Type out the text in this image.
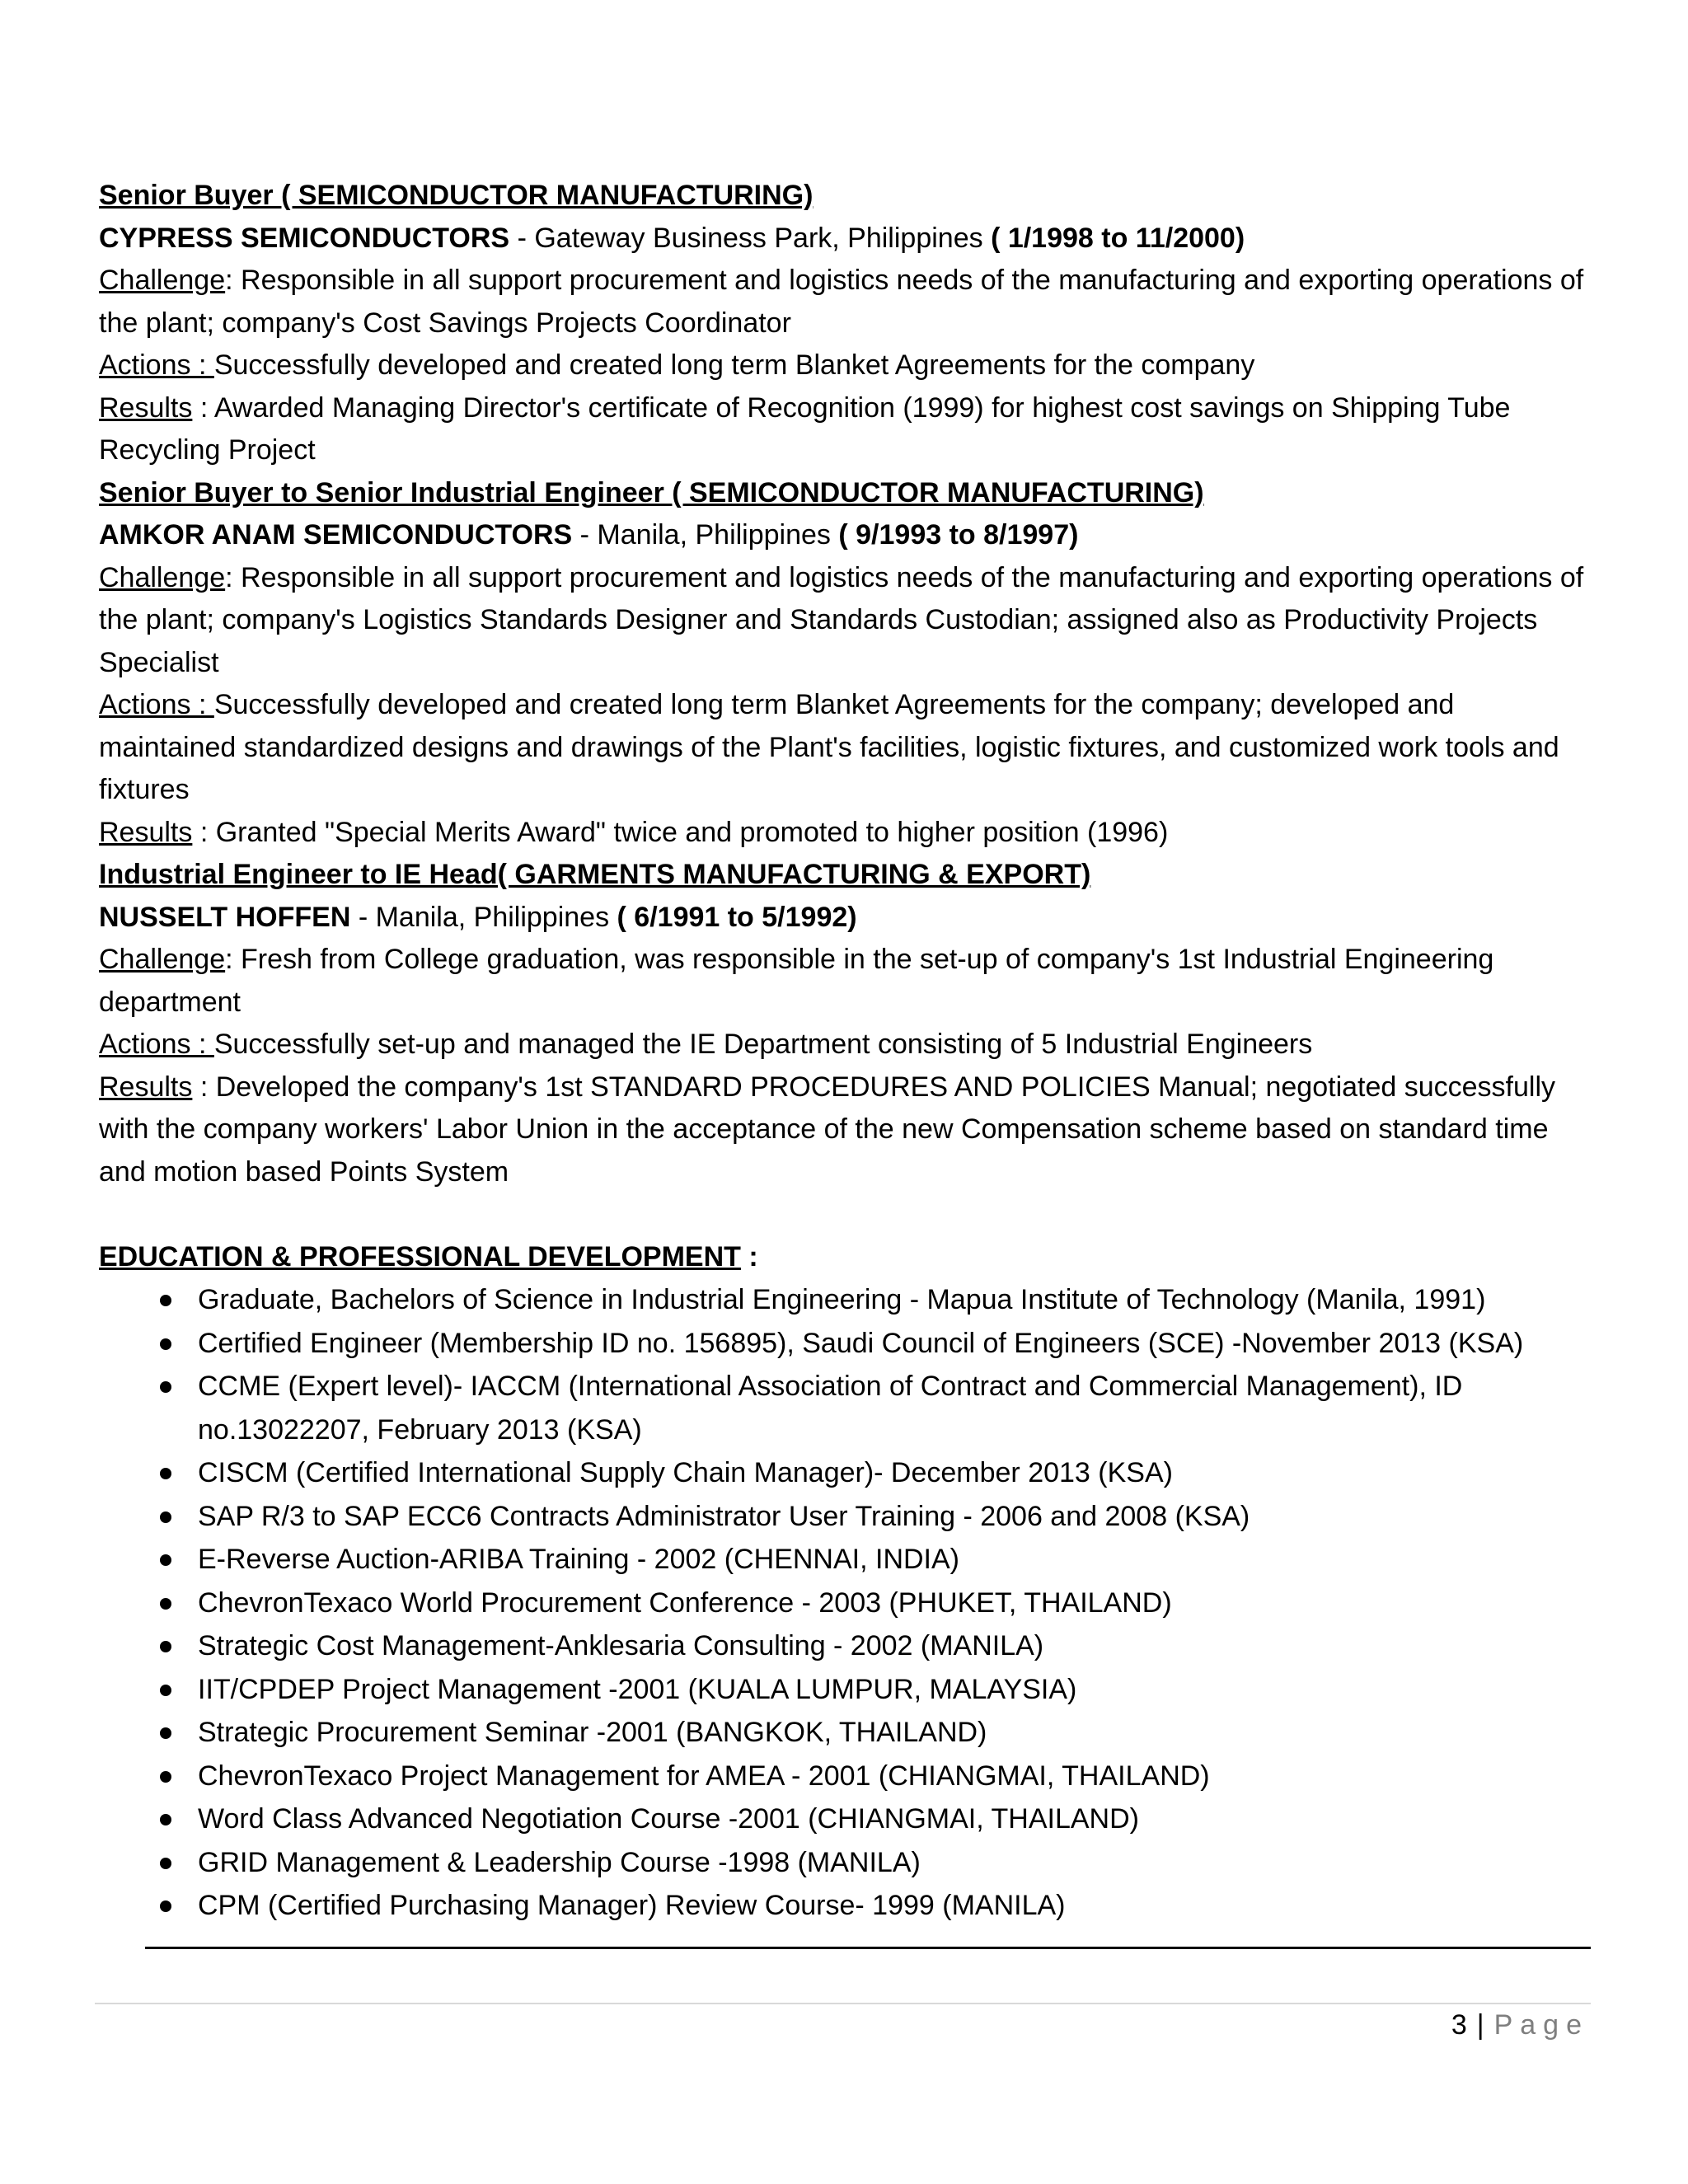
Senior Buyer ( SEMICONDUCTOR MANUFACTURING)
CYPRESS SEMICONDUCTORS - Gateway Business Park, Philippines ( 1/1998 to 11/2000)
Challenge: Responsible in all support procurement and logistics needs of the manufacturing and exporting operations of the plant; company's Cost Savings Projects Coordinator
Actions : Successfully developed and created long term Blanket Agreements for the company
Results : Awarded Managing Director's certificate of Recognition (1999) for highest cost savings on Shipping Tube Recycling Project
Senior Buyer to Senior Industrial Engineer ( SEMICONDUCTOR MANUFACTURING)
AMKOR ANAM SEMICONDUCTORS - Manila, Philippines ( 9/1993 to 8/1997)
Challenge: Responsible in all support procurement and logistics needs of the manufacturing and exporting operations of the plant; company's Logistics Standards Designer and Standards Custodian; assigned also as Productivity Projects Specialist
Actions : Successfully developed and created long term Blanket Agreements for the company; developed and maintained standardized designs and drawings of the Plant's facilities, logistic fixtures, and customized work tools and fixtures
Results : Granted "Special Merits Award" twice and promoted to higher position (1996)
Industrial Engineer to IE Head( GARMENTS MANUFACTURING & EXPORT)
NUSSELT HOFFEN - Manila, Philippines ( 6/1991 to 5/1992)
Challenge: Fresh from College graduation, was responsible in the set-up of company's 1st Industrial Engineering department
Actions : Successfully set-up and managed the IE Department consisting of 5 Industrial Engineers
Results : Developed the company's 1st STANDARD PROCEDURES AND POLICIES Manual; negotiated successfully with the company workers' Labor Union in the acceptance of the new Compensation scheme based on standard time and motion based Points System
EDUCATION & PROFESSIONAL DEVELOPMENT :
Graduate, Bachelors of Science in Industrial Engineering - Mapua Institute of Technology (Manila, 1991)
Certified Engineer (Membership ID no. 156895), Saudi Council of Engineers (SCE) -November 2013 (KSA)
CCME (Expert level)- IACCM (International Association of Contract and Commercial Management), ID no.13022207, February 2013 (KSA)
CISCM (Certified International Supply Chain Manager)- December 2013 (KSA)
SAP R/3 to SAP ECC6 Contracts Administrator User Training - 2006 and 2008 (KSA)
E-Reverse Auction-ARIBA Training - 2002 (CHENNAI, INDIA)
ChevronTexaco World Procurement Conference - 2003 (PHUKET, THAILAND)
Strategic Cost Management-Anklesaria Consulting - 2002 (MANILA)
IIT/CPDEP Project Management -2001 (KUALA LUMPUR, MALAYSIA)
Strategic Procurement Seminar -2001 (BANGKOK, THAILAND)
ChevronTexaco Project Management for AMEA - 2001 (CHIANGMAI, THAILAND)
Word Class Advanced Negotiation Course -2001 (CHIANGMAI, THAILAND)
GRID Management & Leadership Course -1998 (MANILA)
CPM (Certified Purchasing Manager) Review Course- 1999 (MANILA)
3 | Page
